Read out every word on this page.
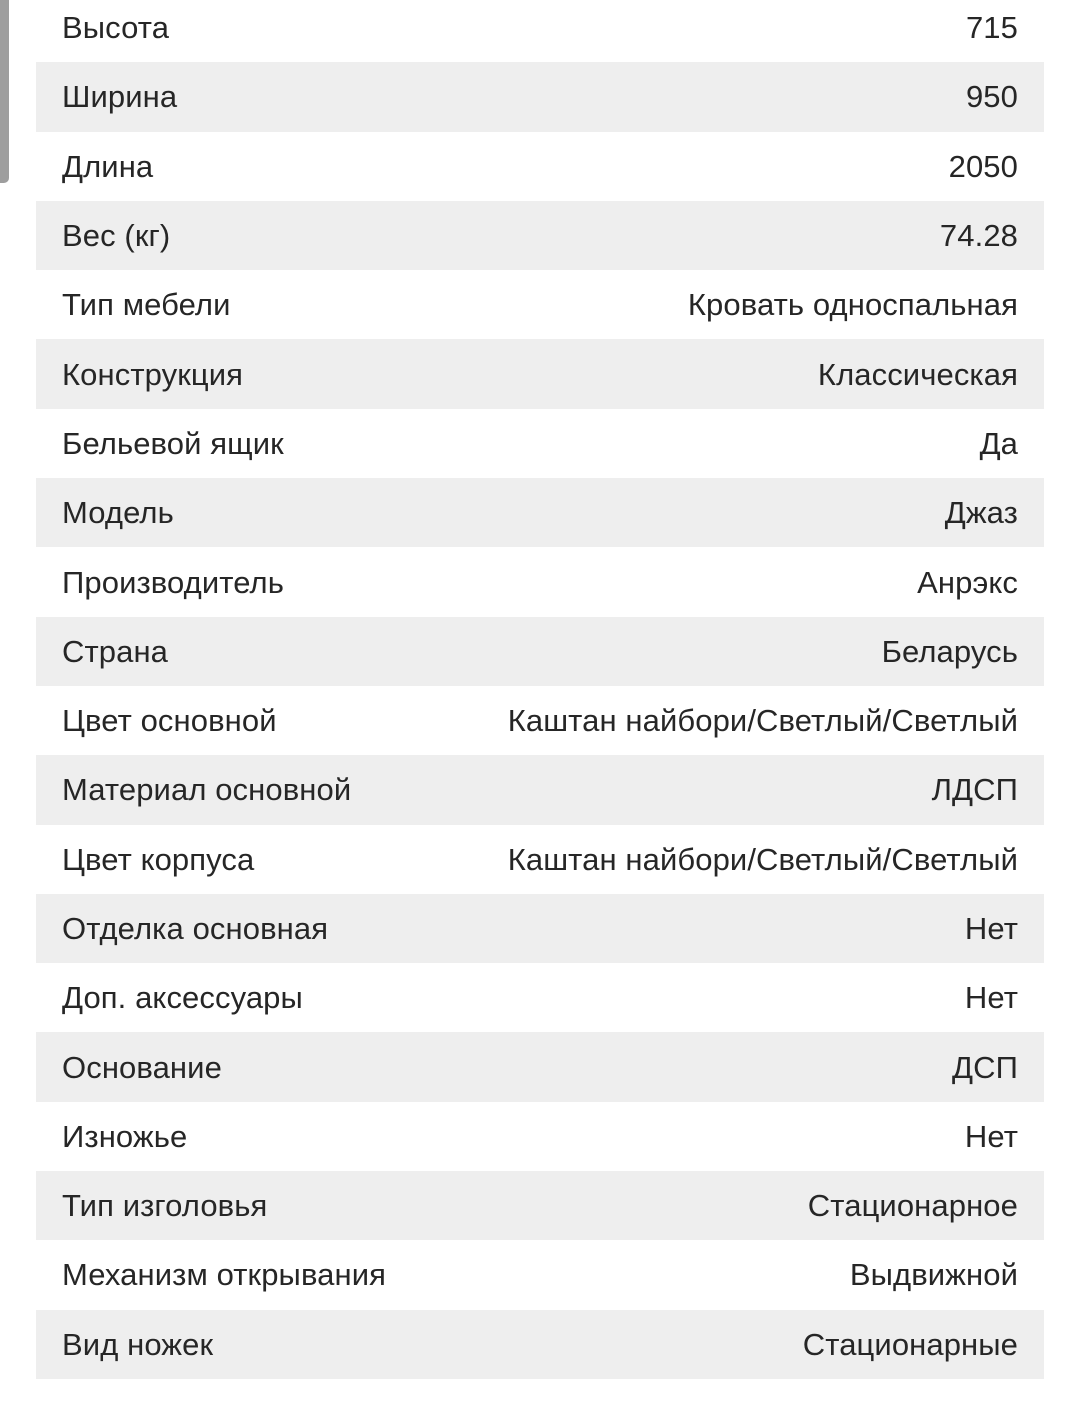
Высота	715
Ширина	950
Длина	2050
Вес (кг)	74.28
Тип мебели	Кровать односпальная
Конструкция	Классическая
Бельевой ящик	Да
Модель	Джаз
Производитель	Анрэкс
Страна	Беларусь
Цвет основной	Каштан найбори/Светлый/Светлый
Материал основной	ЛДСП
Цвет корпуса	Каштан найбори/Светлый/Светлый
Отделка основная	Нет
Доп. аксессуары	Нет
Основание	ДСП
Изножье	Нет
Тип изголовья	Стационарное
Механизм открывания	Выдвижной
Вид ножек	Стационарные
